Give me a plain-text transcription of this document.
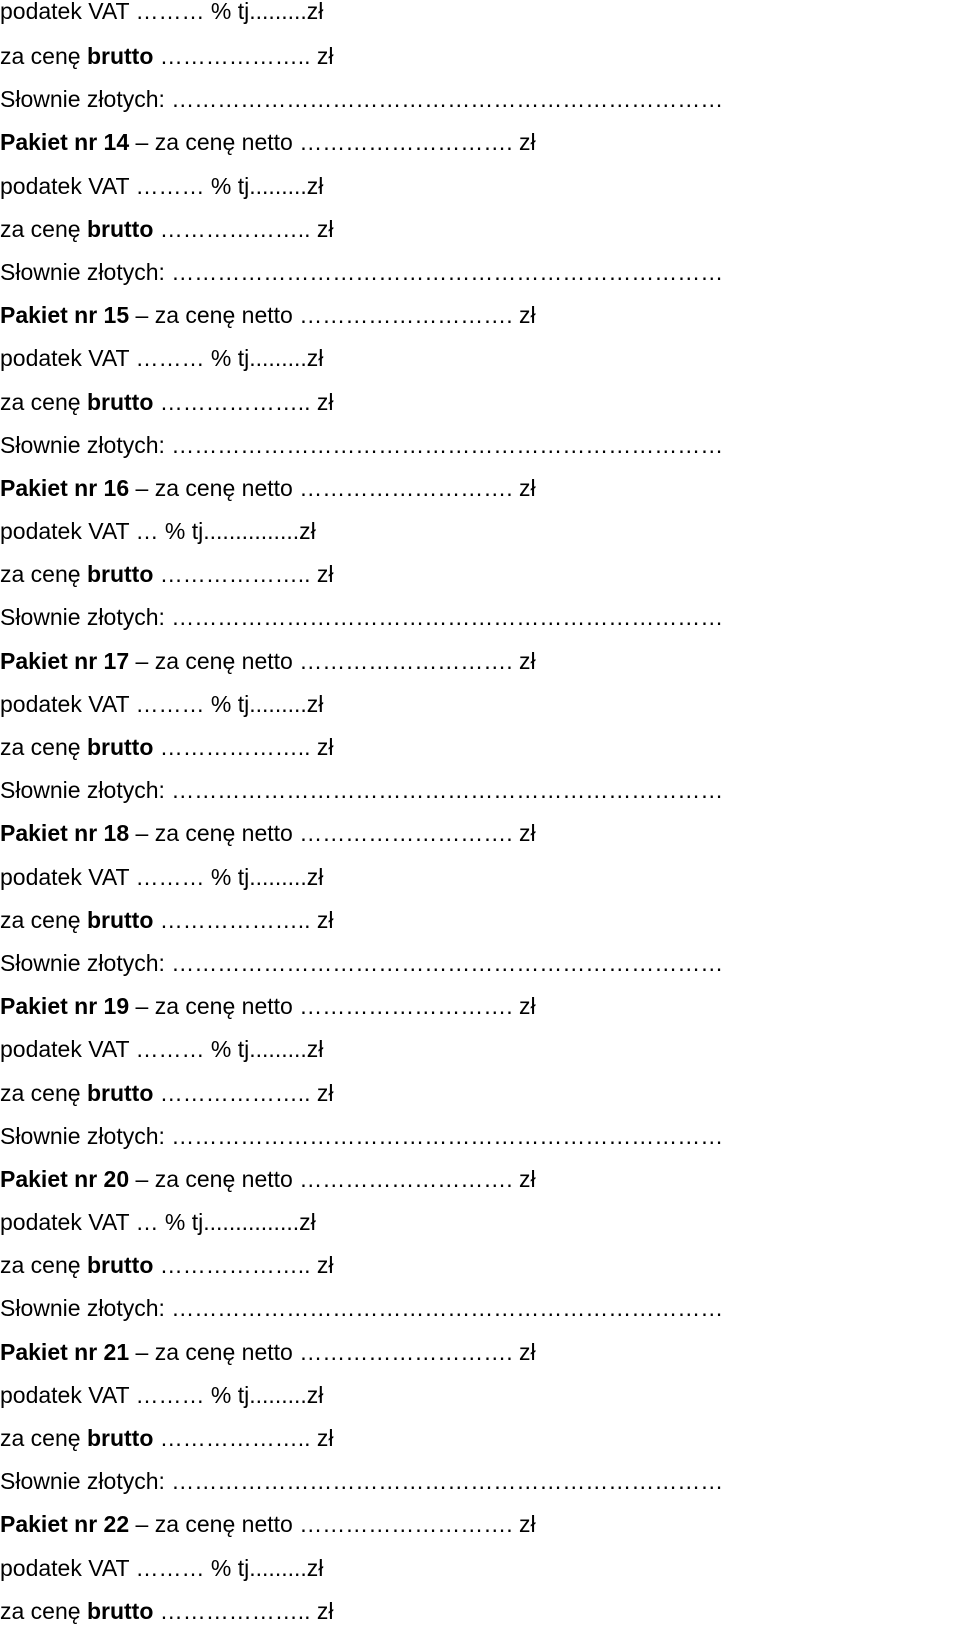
podatek VAT ……… % tj.........zł
za cenę brutto ……………….. zł
Słownie złotych: ………………………………………………………………
Pakiet nr 14 – za cenę netto ………………………. zł
podatek VAT ……… % tj.........zł
za cenę brutto ……………….. zł
Słownie złotych: ………………………………………………………………
Pakiet nr 15 – za cenę netto ………………………. zł
podatek VAT ……… % tj.........zł
za cenę brutto ……………….. zł
Słownie złotych: ………………………………………………………………
Pakiet nr 16 – za cenę netto ………………………. zł
podatek VAT … % tj...............zł
za cenę brutto ……………….. zł
Słownie złotych: ………………………………………………………………
Pakiet nr 17 – za cenę netto ………………………. zł
podatek VAT ……… % tj.........zł
za cenę brutto ……………….. zł
Słownie złotych: ………………………………………………………………
Pakiet nr 18 – za cenę netto ………………………. zł
podatek VAT ……… % tj.........zł
za cenę brutto ……………….. zł
Słownie złotych: ………………………………………………………………
Pakiet nr 19 – za cenę netto ………………………. zł
podatek VAT ……… % tj.........zł
za cenę brutto ……………….. zł
Słownie złotych: ………………………………………………………………
Pakiet nr 20 – za cenę netto ………………………. zł
podatek VAT … % tj...............zł
za cenę brutto ……………….. zł
Słownie złotych: ………………………………………………………………
Pakiet nr 21 – za cenę netto ………………………. zł
podatek VAT ……… % tj.........zł
za cenę brutto ……………….. zł
Słownie złotych: ………………………………………………………………
Pakiet nr 22 – za cenę netto ………………………. zł
podatek VAT ……… % tj.........zł
za cenę brutto ……………….. zł
